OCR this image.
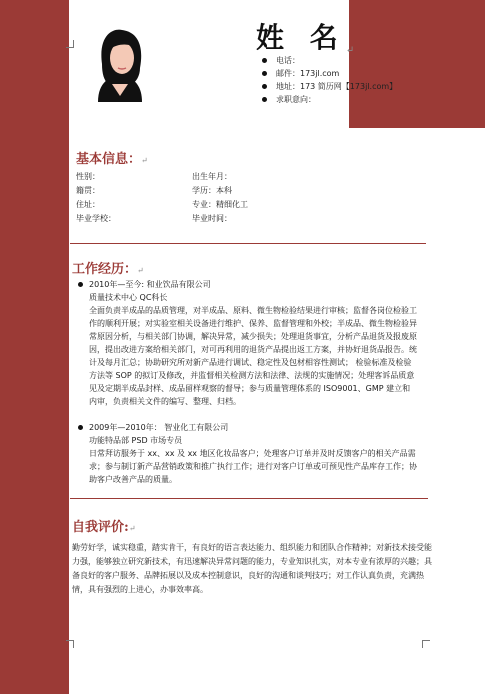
姓 名↵
电话：
邮件：173jl.com
地址：173 简历网【173jl.com】
求职意向：
基本信息：↵
性别：	出生年月：
籍贯：	学历：本科
住址：	专业：精细化工
毕业学校：	毕业时间：
工作经历：↵
2010年—至今: 和业饮品有限公司
质量技术中心 QC科长
全面负责半成品的品质管理，对半成品、原料、微生物检验结果进行审核；监督各岗位检验工作的顺利开展；对实验室相关设备进行维护、保养、监督管理和外校；半成品、微生物检验异常原因分析，与相关部门协调，解决异常，减少损失；处理退货事宜，分析产品退货及报废原因，提出改进方案给相关部门，对可再利用的退货产品提出返工方案，并协好退货品报告。统计及每月汇总；协助研究所对新产品进行调试、稳定性及包材相容性测试； 检验标准及检验方法等 SOP 的拟订及修改，并监督相关检测方法和法律、法规的实施情况；处理客诉品质意见及定期半成品封样、成品留样观察的督导；参与质量管理体系的 ISO9001、GMP 建立和内审，负责相关文件的编写、整理、归档。
2009年—2010年： 智业化工有限公司
功能特品部 PSD 市场专员
日常拜访服务于 xx、xx 及 xx 地区化妆品客户；处理客户订单并及时反馈客户的相关产品需求；参与制订新产品营销政策和推广执行工作；进行对客户订单或可预见性产品库存工作；协助客户改善产品的质量。
自我评价:↵
勤劳好学，诚实稳重，踏实肯干，有良好的语言表达能力、组织能力和团队合作精神；对新技术接受能力强，能够独立研究新技术，有迅速解决异常问题的能力，专业知识扎实，对本专业有浓厚的兴趣；具备良好的客户服务、品牌拓展以及成本控制意识，良好的沟通和谈判技巧；对工作认真负责，充满热情，具有强烈的上进心，办事效率高。
